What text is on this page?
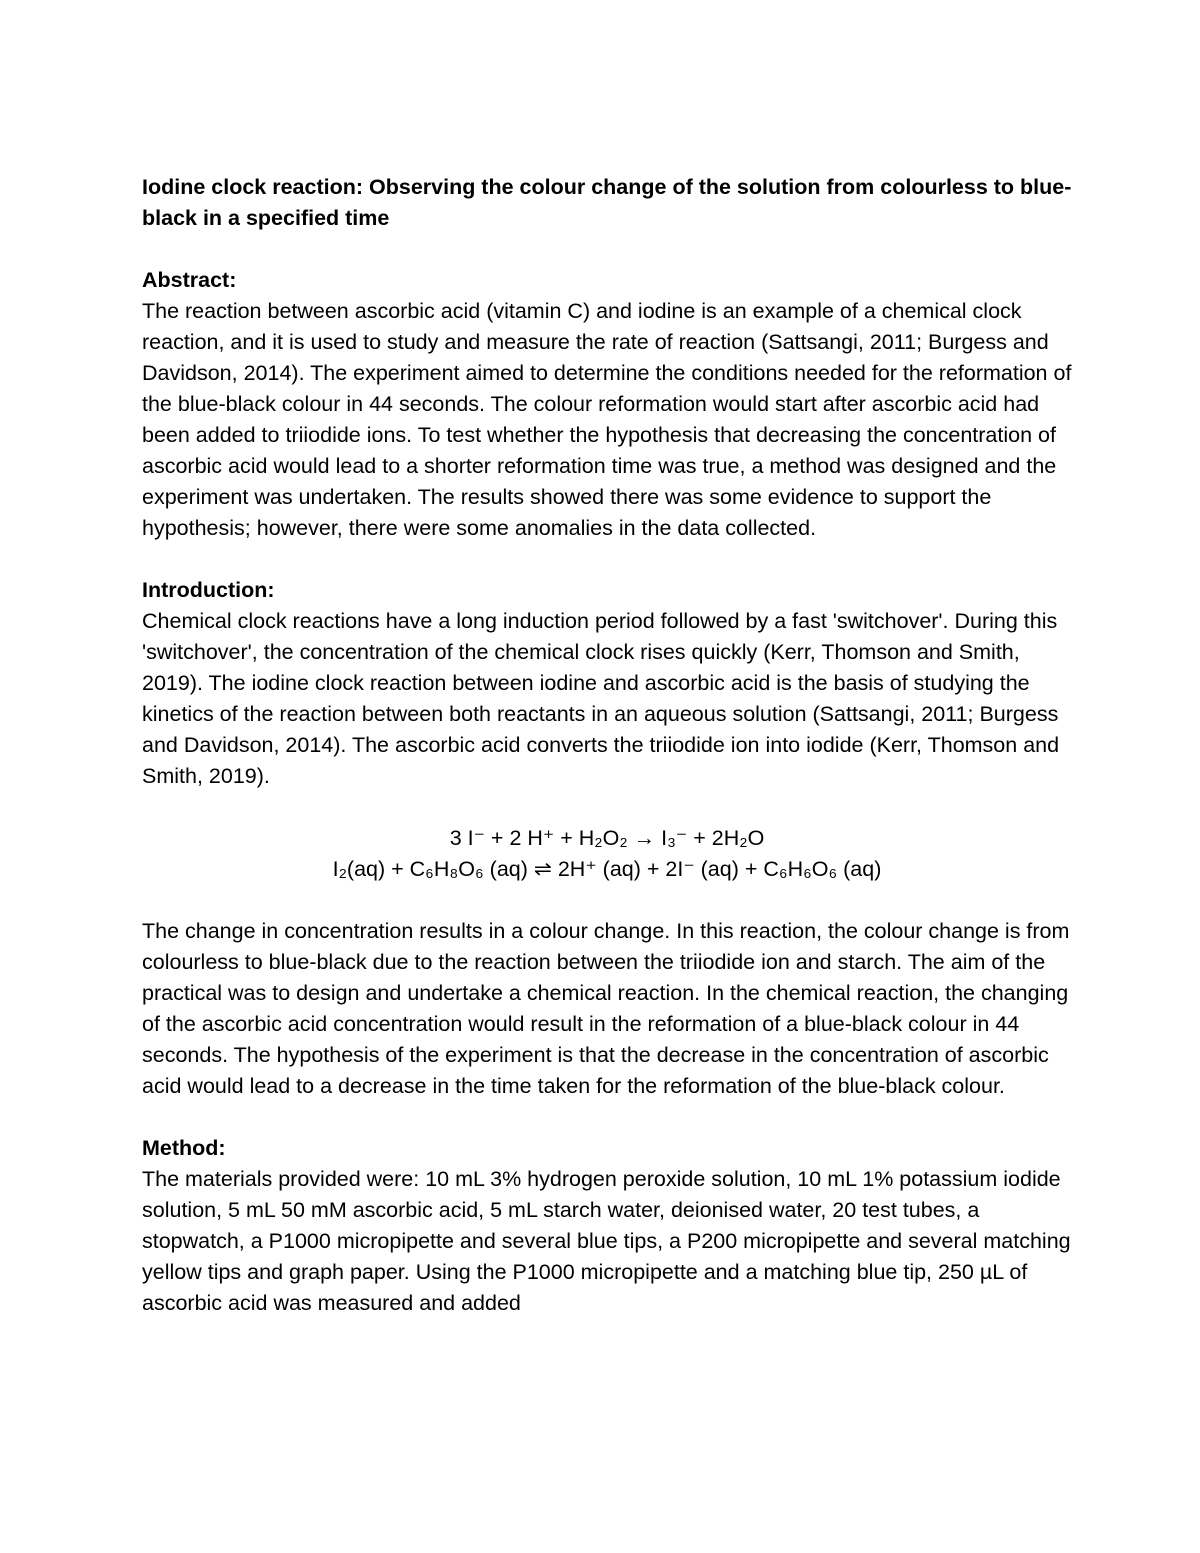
Iodine clock reaction: Observing the colour change of the solution from colourless to blue-black in a specified time

Abstract:

The reaction between ascorbic acid (vitamin C) and iodine is an example of a chemical clock reaction, and it is used to study and measure the rate of reaction (Sattsangi, 2011; Burgess and Davidson, 2014). The experiment aimed to determine the conditions needed for the reformation of the blue-black colour in 44 seconds. The colour reformation would start after ascorbic acid had been added to triiodide ions. To test whether the hypothesis that decreasing the concentration of ascorbic acid would lead to a shorter reformation time was true, a method was designed and the experiment was undertaken. The results showed there was some evidence to support the hypothesis; however, there were some anomalies in the data collected.

Introduction:

Chemical clock reactions have a long induction period followed by a fast 'switchover'. During this 'switchover', the concentration of the chemical clock rises quickly (Kerr, Thomson and Smith, 2019). The iodine clock reaction between iodine and ascorbic acid is the basis of studying the kinetics of the reaction between both reactants in an aqueous solution (Sattsangi, 2011; Burgess and Davidson, 2014). The ascorbic acid converts the triiodide ion into iodide (Kerr, Thomson and Smith, 2019).

3 I⁻ + 2 H⁺ + H₂O₂ → I₃⁻ + 2H₂O
I₂(aq) + C₆H₈O₆ (aq) ⇌ 2H⁺ (aq) + 2I⁻ (aq) + C₆H₆O₆ (aq)

The change in concentration results in a colour change. In this reaction, the colour change is from colourless to blue-black due to the reaction between the triiodide ion and starch. The aim of the practical was to design and undertake a chemical reaction. In the chemical reaction, the changing of the ascorbic acid concentration would result in the reformation of a blue-black colour in 44 seconds. The hypothesis of the experiment is that the decrease in the concentration of ascorbic acid would lead to a decrease in the time taken for the reformation of the blue-black colour.

Method:

The materials provided were: 10 mL 3% hydrogen peroxide solution, 10 mL 1% potassium iodide solution, 5 mL 50 mM ascorbic acid, 5 mL starch water, deionised water, 20 test tubes, a stopwatch, a P1000 micropipette and several blue tips, a P200 micropipette and several matching yellow tips and graph paper. Using the P1000 micropipette and a matching blue tip, 250 µL of ascorbic acid was measured and added
